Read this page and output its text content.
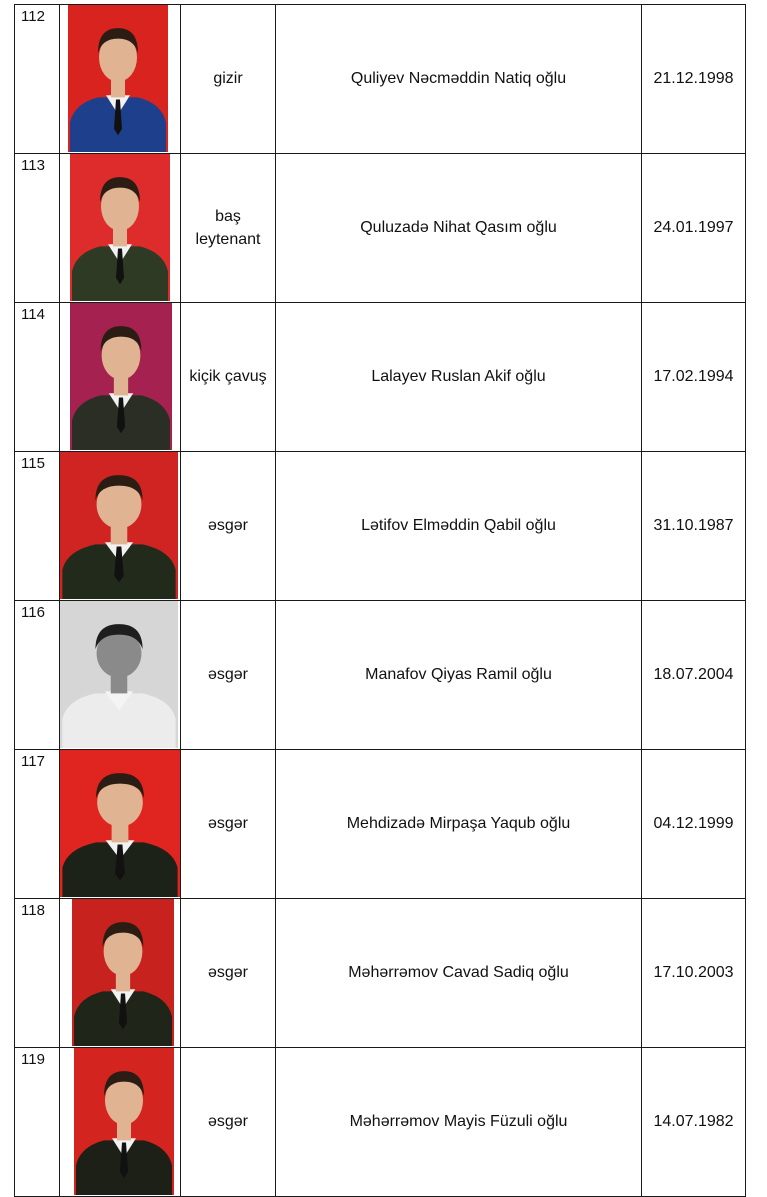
112		gizir	Quliyev Nəcməddin Natiq oğlu	21.12.1998
113		baş leytenant	Quluzadə Nihat Qasım oğlu	24.01.1997
114		kiçik çavuş	Lalayev Ruslan Akif oğlu	17.02.1994
115		əsgər	Lətifov Elməddin Qabil oğlu	31.10.1987
116		əsgər	Manafov Qiyas Ramil oğlu	18.07.2004
117		əsgər	Mehdizadə Mirpaşa Yaqub oğlu	04.12.1999
118		əsgər	Məhərrəmov Cavad Sadiq oğlu	17.10.2003
119		əsgər	Məhərrəmov Mayis Füzuli oğlu	14.07.1982
